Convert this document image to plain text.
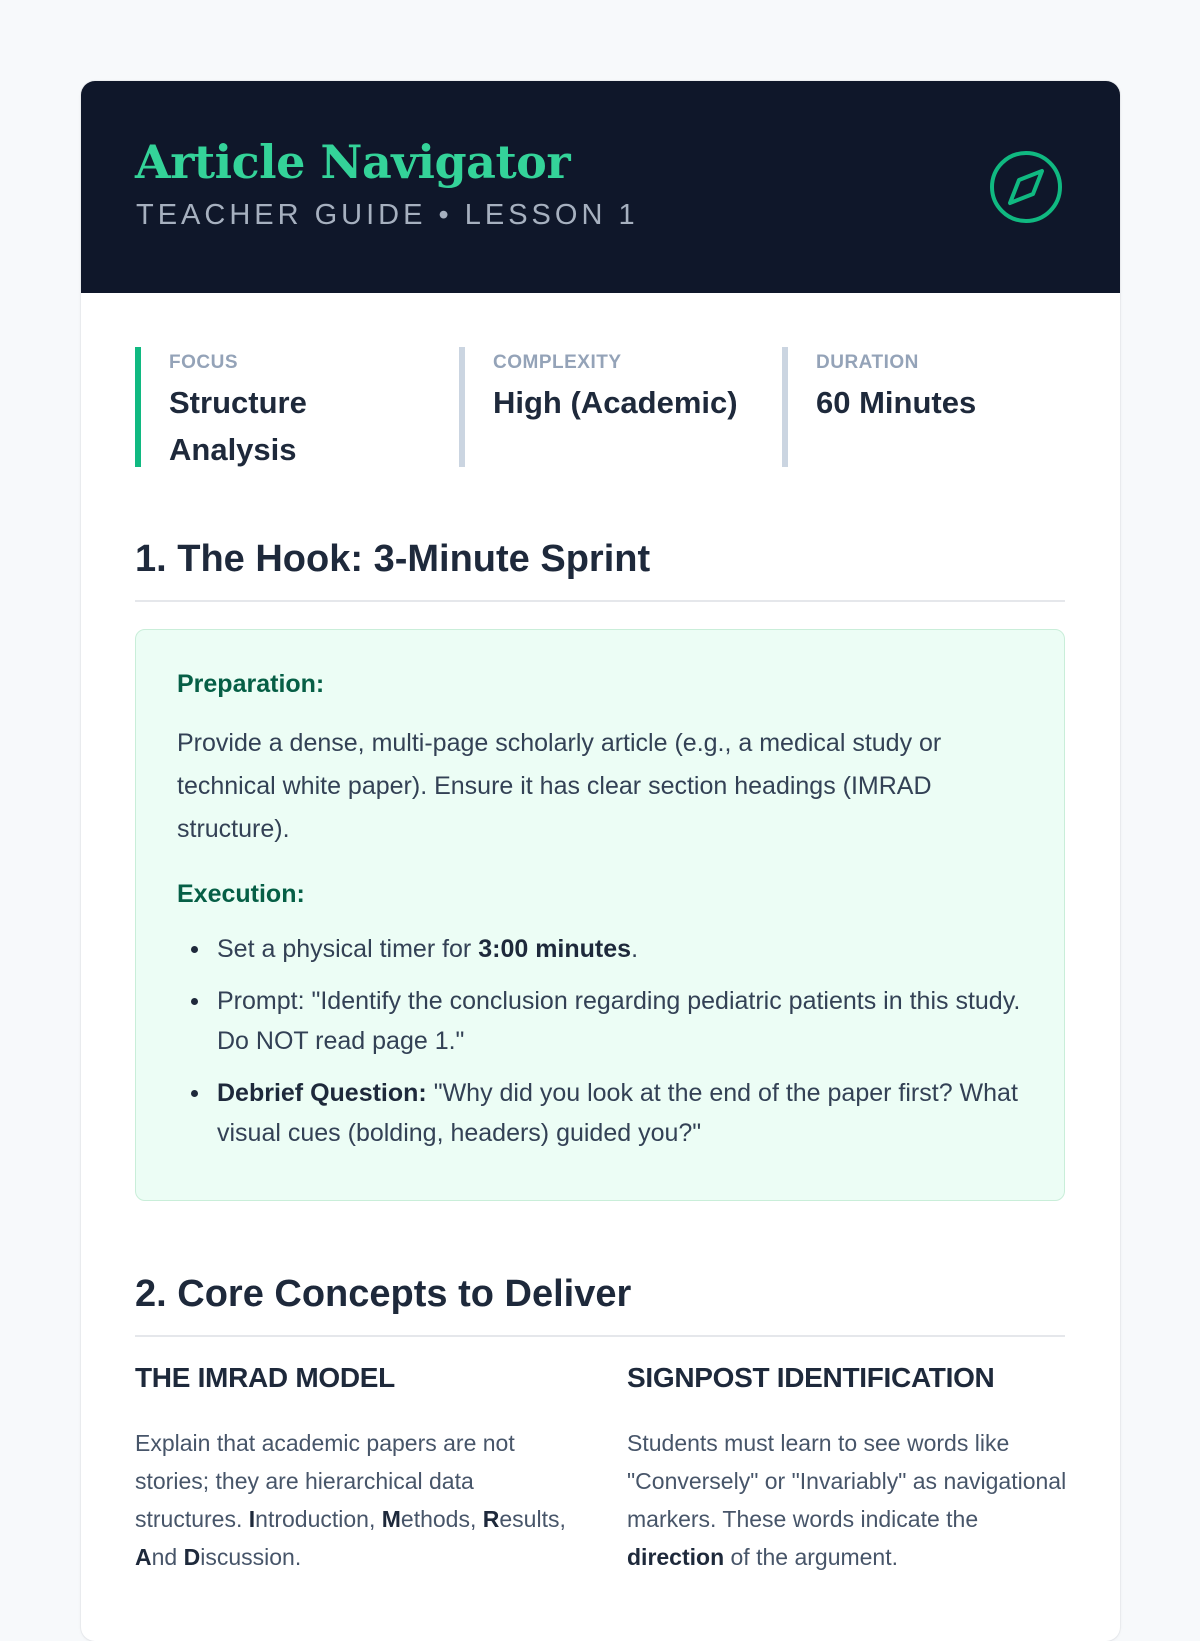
Article Navigator
TEACHER GUIDE • LESSON 1
FOCUS
Structure Analysis
COMPLEXITY
High (Academic)
DURATION
60 Minutes
1. The Hook: 3-Minute Sprint
Preparation:

Provide a dense, multi-page scholarly article (e.g., a medical study or technical white paper). Ensure it has clear section headings (IMRAD structure).

Execution:
Set a physical timer for 3:00 minutes.
Prompt: "Identify the conclusion regarding pediatric patients in this study. Do NOT read page 1."
Debrief Question: "Why did you look at the end of the paper first? What visual cues (bolding, headers) guided you?"
2. Core Concepts to Deliver
THE IMRAD MODEL
Explain that academic papers are not stories; they are hierarchical data structures. Introduction, Methods, Results, And Discussion.
SIGNPOST IDENTIFICATION
Students must learn to see words like "Conversely" or "Invariably" as navigational markers. These words indicate the direction of the argument.
